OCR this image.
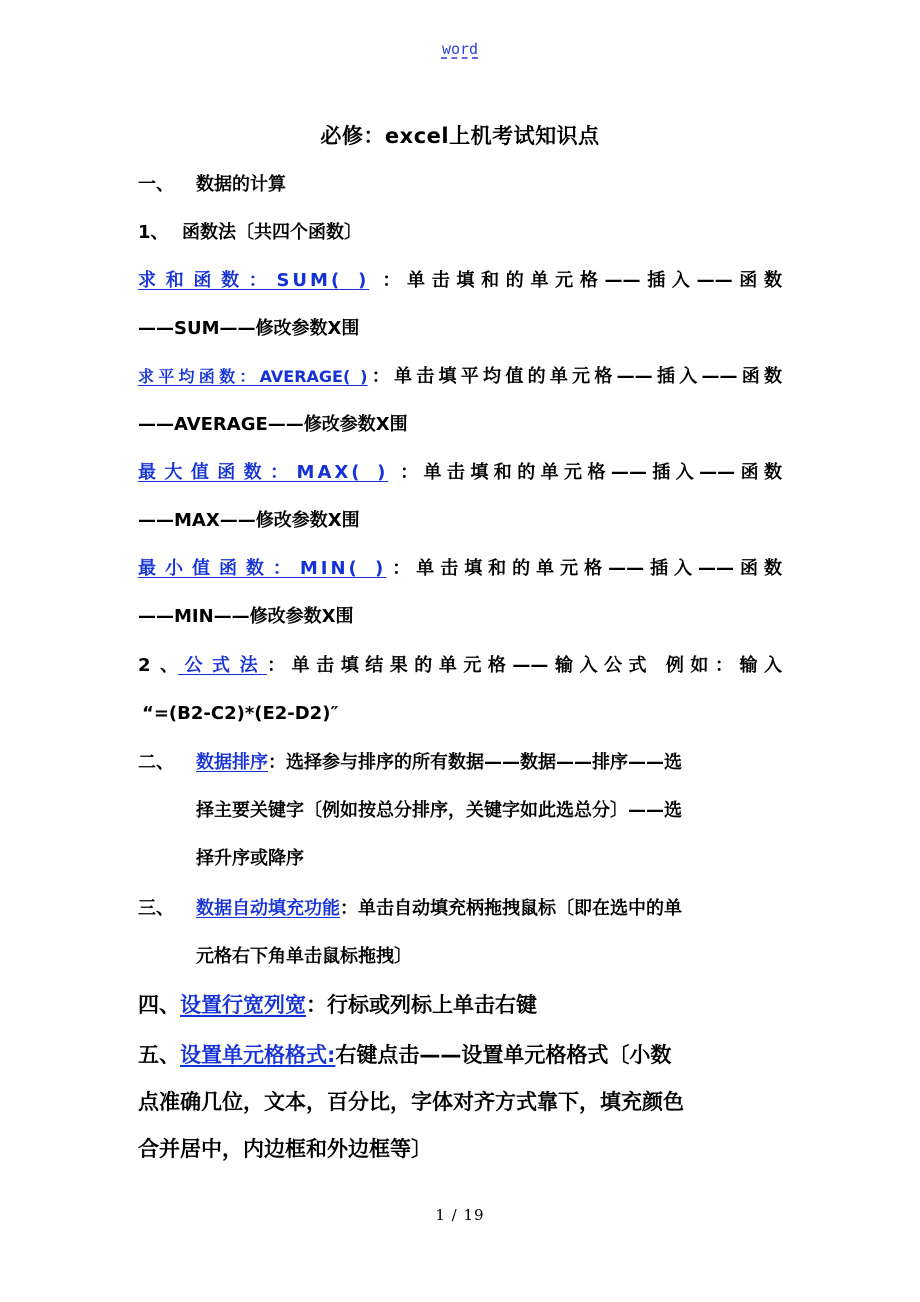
word
必修：excel上机考试知识点
一、 数据的计算
1、 函数法〔共四个函数〕
求和函数：SUM( ) ：单击填和的单元格——插入——函数
——SUM——修改参数X围
求平均函数：AVERAGE( )：单击填平均值的单元格——插入——函数
——AVERAGE——修改参数X围
最大值函数：MAX( ) ：单击填和的单元格——插入——函数
——MAX——修改参数X围
最小值函数：MIN( )：单击填和的单元格——插入——函数
——MIN——修改参数X围
2、公式法：单击填结果的单元格——输入公式 例如：输入
“=(B2-C2)*(E2-D2)″
二、 数据排序：选择参与排序的所有数据——数据——排序——选
择主要关键字〔例如按总分排序，关键字如此选总分〕——选
择升序或降序
三、 数据自动填充功能：单击自动填充柄拖拽鼠标〔即在选中的单
元格右下角单击鼠标拖拽〕
四、设置行宽列宽：行标或列标上单击右键
五、设置单元格格式:右键点击——设置单元格格式〔小数
点准确几位，文本，百分比，字体对齐方式靠下，填充颜色
合并居中，内边框和外边框等〕
1 / 19
